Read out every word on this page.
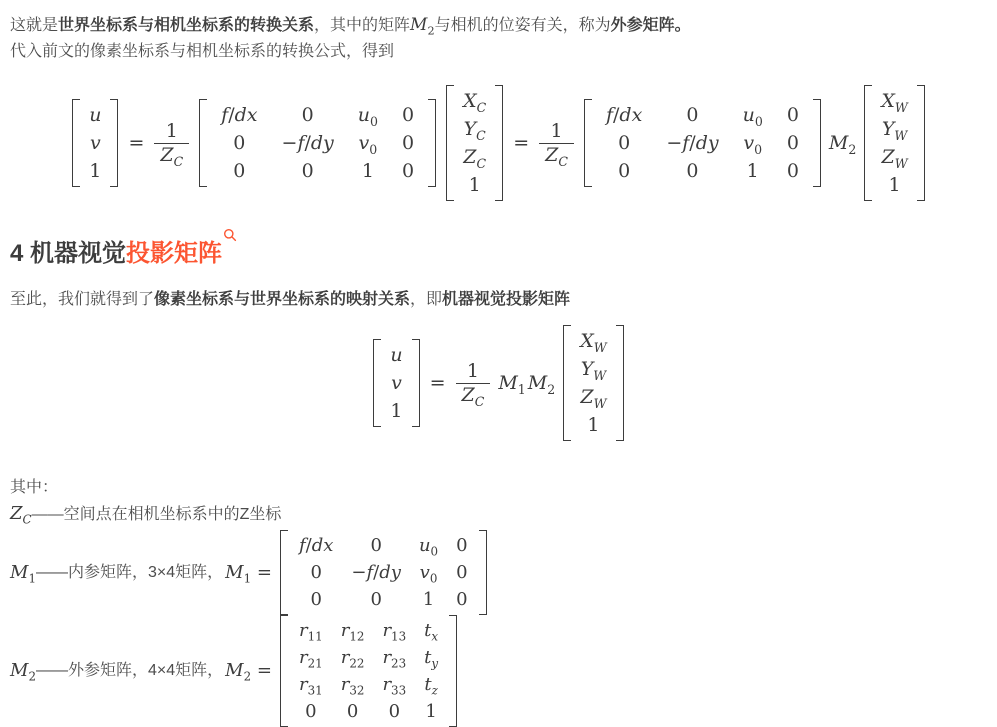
这就是世界坐标系与相机坐标系的转换关系，其中的矩阵$M_2$与相机的位姿有关，称为外参矩阵。

代入前文的像素坐标系与相机坐标系的转换公式，得到

u
v
1
= $\frac{1}{Z_C}$
f/dx	0	$u_0$	0
0	−f/dy	$v_0$	0
0	0	1	0
$X_C$
$Y_C$
$Z_C$
1
= $\frac{1}{Z_C}$
f/dx	0	$u_0$	0
0	−f/dy	$v_0$	0
0	0	1	0
$M_2$
$X_W$
$Y_W$
$Z_W$
1
4 机器视觉投影矩阵

至此，我们就得到了像素坐标系与世界坐标系的映射关系，即机器视觉投影矩阵

u
v
1
= $\frac{1}{Z_C} M_1$ $M_2$
$X_W$
$Y_W$
$Z_W$
1

其中：

$Z_C——$空间点在相机坐标系中的Z坐标

$M_1$ ——内参矩阵，3×4矩阵， $M_1$ =
f/dx	0	$u_0$	0
0	−f/dy	$v_0$	0
0	0	1	0
$M_2$ ——外参矩阵，4×4矩阵， $M_2$ =
$r_{11}$	$r_{12}$	$r_{13}$	$t_x$
$r_{21}$	$r_{22}$	$r_{23}$	$t_y$
$r_{31}$	$r_{32}$	$r_{33}$	$t_z$
0	0	0	1
